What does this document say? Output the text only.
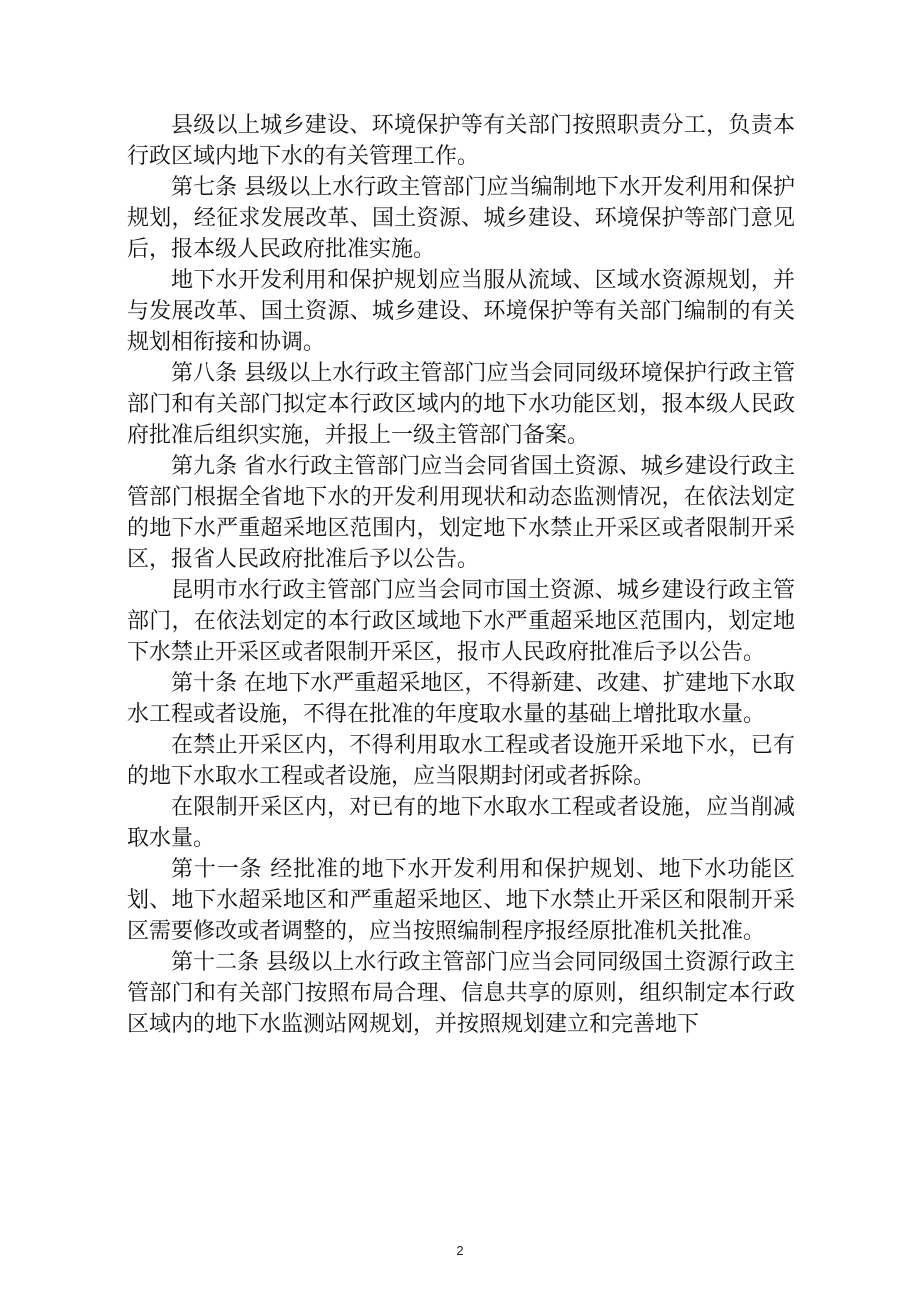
县级以上城乡建设、环境保护等有关部门按照职责分工，负责本行政区域内地下水的有关管理工作。

第七条 县级以上水行政主管部门应当编制地下水开发利用和保护规划，经征求发展改革、国土资源、城乡建设、环境保护等部门意见后，报本级人民政府批准实施。

地下水开发利用和保护规划应当服从流域、区域水资源规划，并与发展改革、国土资源、城乡建设、环境保护等有关部门编制的有关规划相衔接和协调。

第八条 县级以上水行政主管部门应当会同同级环境保护行政主管部门和有关部门拟定本行政区域内的地下水功能区划，报本级人民政府批准后组织实施，并报上一级主管部门备案。

第九条 省水行政主管部门应当会同省国土资源、城乡建设行政主管部门根据全省地下水的开发利用现状和动态监测情况，在依法划定的地下水严重超采地区范围内，划定地下水禁止开采区或者限制开采区，报省人民政府批准后予以公告。

昆明市水行政主管部门应当会同市国土资源、城乡建设行政主管部门，在依法划定的本行政区域地下水严重超采地区范围内，划定地下水禁止开采区或者限制开采区，报市人民政府批准后予以公告。

第十条 在地下水严重超采地区，不得新建、改建、扩建地下水取水工程或者设施，不得在批准的年度取水量的基础上增批取水量。

在禁止开采区内，不得利用取水工程或者设施开采地下水，已有的地下水取水工程或者设施，应当限期封闭或者拆除。

在限制开采区内，对已有的地下水取水工程或者设施，应当削减取水量。

第十一条 经批准的地下水开发利用和保护规划、地下水功能区划、地下水超采地区和严重超采地区、地下水禁止开采区和限制开采区需要修改或者调整的，应当按照编制程序报经原批准机关批准。

第十二条 县级以上水行政主管部门应当会同同级国土资源行政主管部门和有关部门按照布局合理、信息共享的原则，组织制定本行政区域内的地下水监测站网规划，并按照规划建立和完善地下

2
